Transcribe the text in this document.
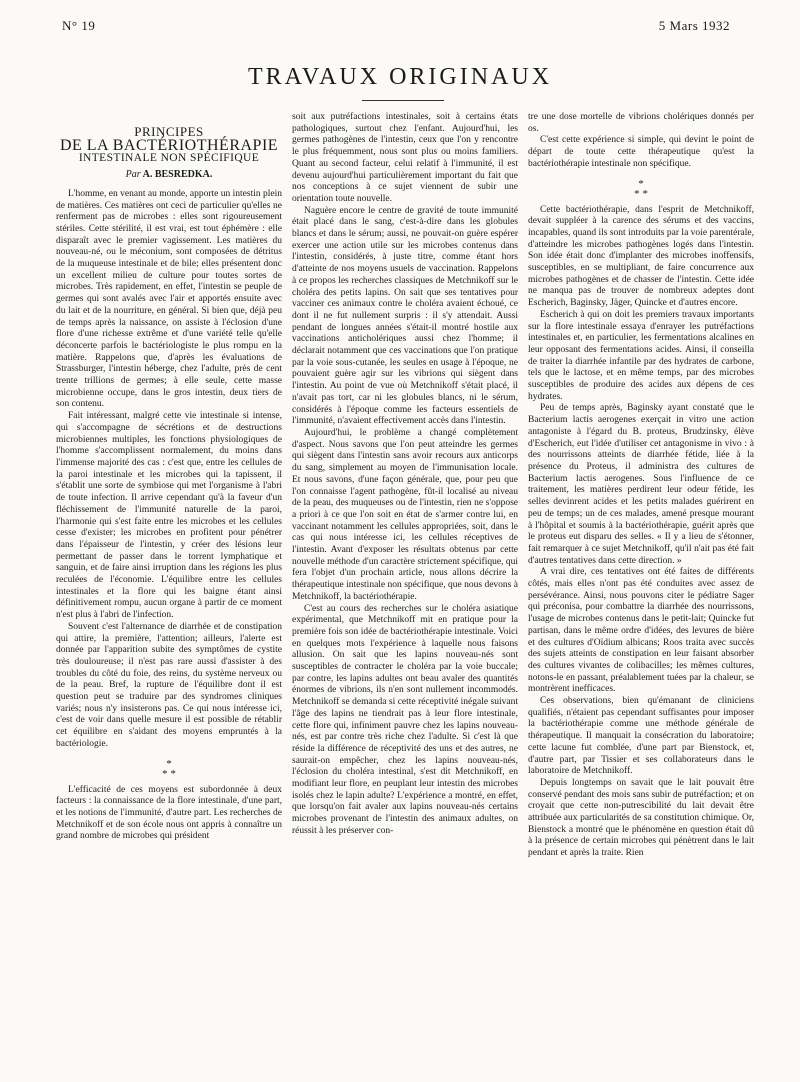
N° 19	5 Mars 1932
TRAVAUX ORIGINAUX
PRINCIPES
DE LA BACTÉRIOTHÉRAPIE
INTESTINALE NON SPÉCIFIQUE
Par A. BESREDKA.

L'homme, en venant au monde, apporte un intestin plein de matières. Ces matières ont ceci de particulier qu'elles ne renferment pas de microbes : elles sont rigoureusement stériles. Cette stérilité, il est vrai, est tout éphémère : elle disparaît avec le premier vagissement. Les matières du nouveau-né, ou le méconium, sont composées de détritus de la muqueuse intestinale et de bile; elles présentent donc un excellent milieu de culture pour toutes sortes de microbes. Très rapidement, en effet, l'intestin se peuple de germes qui sont avalés avec l'air et apportés ensuite avec du lait et de la nourriture, en général. Si bien que, déjà peu de temps après la naissance, on assiste à l'éclosion d'une flore d'une richesse extrême et d'une variété telle qu'elle déconcerte parfois le bactériologiste le plus rompu en la matière. Rappelons que, d'après les évaluations de Strassburger, l'intestin héberge, chez l'adulte, près de cent trente trillions de germes; à elle seule, cette masse microbienne occupe, dans le gros intestin, deux tiers de son contenu.

Fait intéressant, malgré cette vie intestinale si intense, qui s'accompagne de sécrétions et de destructions microbiennes multiples, les fonctions physiologiques de l'homme s'accomplissent normalement, du moins dans l'immense majorité des cas : c'est que, entre les cellules de la paroi intestinale et les microbes qui la tapissent, il s'établit une sorte de symbiose qui met l'organisme à l'abri de toute infection. Il arrive cependant qu'à la faveur d'un fléchissement de l'immunité naturelle de la paroi, l'harmonie qui s'est faite entre les microbes et les cellules cesse d'exister; les microbes en profitent pour pénétrer dans l'épaisseur de l'intestin, y créer des lésions leur permettant de passer dans le torrent lymphatique et sanguin, et de faire ainsi irruption dans les régions les plus reculées de l'économie. L'équilibre entre les cellules intestinales et la flore qui les baigne étant ainsi définitivement rompu, aucun organe à partir de ce moment n'est plus à l'abri de l'infection.

Souvent c'est l'alternance de diarrhée et de constipation qui attire, la première, l'attention; ailleurs, l'alerte est donnée par l'apparition subite des symptômes de cystite très douloureuse; il n'est pas rare aussi d'assister à des troubles du côté du foie, des reins, du système nerveux ou de la peau. Bref, la rupture de l'équilibre dont il est question peut se traduire par des syndromes cliniques variés; nous n'y insisterons pas. Ce qui nous intéresse ici, c'est de voir dans quelle mesure il est possible de rétablir cet équilibre en s'aidant des moyens empruntés à la bactériologie.

*
* *

L'efficacité de ces moyens est subordonnée à deux facteurs : la connaissance de la flore intestinale, d'une part, et les notions de l'immunité, d'autre part. Les recherches de Metchnikoff et de son école nous ont appris à connaître un grand nombre de microbes qui président

soit aux putréfactions intestinales, soit à certains états pathologiques, surtout chez l'enfant. Aujourd'hui, les germes pathogènes de l'intestin, ceux que l'on y rencontre le plus fréquemment, nous sont plus ou moins familiers. Quant au second facteur, celui relatif à l'immunité, il est devenu aujourd'hui particulièrement important du fait que nos conceptions à ce sujet viennent de subir une orientation toute nouvelle.

Naguère encore le centre de gravité de toute immunité était placé dans le sang, c'est-à-dire dans les globules blancs et dans le sérum; aussi, ne pouvait-on guère espérer exercer une action utile sur les microbes contenus dans l'intestin, considérés, à juste titre, comme étant hors d'atteinte de nos moyens usuels de vaccination. Rappelons à ce propos les recherches classiques de Metchnikoff sur le choléra des petits lapins. On sait que ses tentatives pour vacciner ces animaux contre le choléra avaient échoué, ce dont il ne fut nullement surpris : il s'y attendait. Aussi pendant de longues années s'était-il montré hostile aux vaccinations anticholériques aussi chez l'homme; il déclarait notamment que ces vaccinations que l'on pratique par la voie sous-cutanée, les seules en usage à l'époque, ne pouvaient guère agir sur les vibrions qui siègent dans l'intestin. Au point de vue où Metchnikoff s'était placé, il n'avait pas tort, car ni les globules blancs, ni le sérum, considérés à l'époque comme les facteurs essentiels de l'immunité, n'avaient effectivement accès dans l'intestin.

Aujourd'hui, le problème a changé complètement d'aspect. Nous savons que l'on peut atteindre les germes qui siègent dans l'intestin sans avoir recours aux anticorps du sang, simplement au moyen de l'immunisation locale. Et nous savons, d'une façon générale, que, pour peu que l'on connaisse l'agent pathogène, fût-il localisé au niveau de la peau, des muqueuses ou de l'intestin, rien ne s'oppose a priori à ce que l'on soit en état de s'armer contre lui, en vaccinant notamment les cellules appropriées, soit, dans le cas qui nous intéresse ici, les cellules réceptives de l'intestin. Avant d'exposer les résultats obtenus par cette nouvelle méthode d'un caractère strictement spécifique, qui fera l'objet d'un prochain article, nous allons décrire la thérapeutique intestinale non spécifique, que nous devons à Metchnikoff, la bactériothérapie.

C'est au cours des recherches sur le choléra asiatique expérimental, que Metchnikoff mit en pratique pour la première fois son idée de bactériothérapie intestinale. Voici en quelques mots l'expérience à laquelle nous faisons allusion. On sait que les lapins nouveau-nés sont susceptibles de contracter le choléra par la voie buccale; par contre, les lapins adultes ont beau avaler des quantités énormes de vibrions, ils n'en sont nullement incommodés. Metchnikoff se demanda si cette réceptivité inégale suivant l'âge des lapins ne tiendrait pas à leur flore intestinale, cette flore qui, infiniment pauvre chez les lapins nouveau-nés, est par contre très riche chez l'adulte. Si c'est là que réside la différence de réceptivité des uns et des autres, ne saurait-on empêcher, chez les lapins nouveau-nés, l'éclosion du choléra intestinal, s'est dit Metchnikoff, en modifiant leur flore, en peuplant leur intestin des microbes isolés chez le lapin adulte? L'expérience a montré, en effet, que lorsqu'on fait avaler aux lapins nouveau-nés certains microbes provenant de l'intestin des animaux adultes, on réussit à les préserver con-

tre une dose mortelle de vibrions cholériques donnés per os.

C'est cette expérience si simple, qui devint le point de départ de toute cette thérapeutique qu'est la bactériothérapie intestinale non spécifique.

*
* *

Cette bactériothérapie, dans l'esprit de Metchnikoff, devait suppléer à la carence des sérums et des vaccins, incapables, quand ils sont introduits par la voie parentérale, d'atteindre les microbes pathogènes logés dans l'intestin. Son idée était donc d'implanter des microbes inoffensifs, susceptibles, en se multipliant, de faire concurrence aux microbes pathogènes et de chasser de l'intestin. Cette idée ne manqua pas de trouver de nombreux adeptes dont Escherich, Baginsky, Jäger, Quincke et d'autres encore.

Escherich à qui on doit les premiers travaux importants sur la flore intestinale essaya d'enrayer les putréfactions intestinales et, en particulier, les fermentations alcalines en leur opposant des fermentations acides. Ainsi, il conseilla de traiter la diarrhée infantile par des hydrates de carbone, tels que le lactose, et en même temps, par des microbes susceptibles de produire des acides aux dépens de ces hydrates.

Peu de temps après, Baginsky ayant constaté que le Bacterium lactis aerogenes exerçait in vitro une action antagoniste à l'égard du B. proteus, Brudzinsky, élève d'Escherich, eut l'idée d'utiliser cet antagonisme in vivo : à des nourrissons atteints de diarrhée fétide, liée à la présence du Proteus, il administra des cultures de Bacterium lactis aerogenes. Sous l'influence de ce traitement, les matières perdirent leur odeur fétide, les selles devinrent acides et les petits malades guérirent en peu de temps; un de ces malades, amené presque mourant à l'hôpital et soumis à la bactériothérapie, guérit après que le proteus eut disparu des selles. « Il y a lieu de s'étonner, fait remarquer à ce sujet Metchnikoff, qu'il n'ait pas été fait d'autres tentatives dans cette direction. »

A vrai dire, ces tentatives ont été faites de différents côtés, mais elles n'ont pas été conduites avec assez de persévérance. Ainsi, nous pouvons citer le pédiatre Sager qui préconisa, pour combattre la diarrhée des nourrissons, l'usage de microbes contenus dans le petit-lait; Quincke fut partisan, dans le même ordre d'idées, des levures de bière et des cultures d'Oïdium albicans; Roos traita avec succès des sujets atteints de constipation en leur faisant absorber des cultures vivantes de colibacilles; les mêmes cultures, notons-le en passant, préalablement tuées par la chaleur, se montrèrent inefficaces.

Ces observations, bien qu'émanant de cliniciens qualifiés, n'étaient pas cependant suffisantes pour imposer la bactériothérapie comme une méthode générale de thérapeutique. Il manquait la consécration du laboratoire; cette lacune fut comblée, d'une part par Bienstock, et, d'autre part, par Tissier et ses collaborateurs dans le laboratoire de Metchnikoff.

Depuis longtemps on savait que le lait pouvait être conservé pendant des mois sans subir de putréfaction; et on croyait que cette non-putrescibilité du lait devait être attribuée aux particularités de sa constitution chimique. Or, Bienstock a montré que le phénomène en question était dû à la présence de certain microbes qui pénètrent dans le lait pendant et après la traite. Rien
